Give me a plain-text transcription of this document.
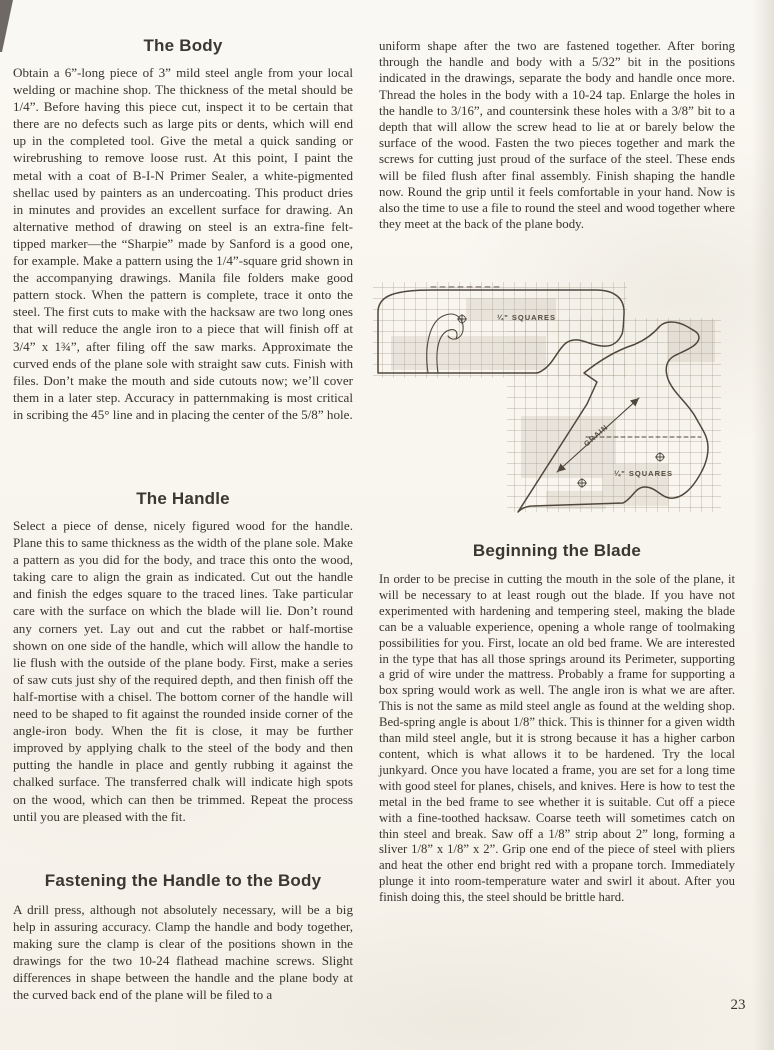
The Body

Obtain a 6”-long piece of 3” mild steel angle from your local welding or machine shop. The thickness of the metal should be 1/4”. Before having this piece cut, inspect it to be certain that there are no defects such as large pits or dents, which will end up in the completed tool. Give the metal a quick sanding or wirebrushing to remove loose rust. At this point, I paint the metal with a coat of B-I-N Primer Sealer, a white-pigmented shellac used by painters as an undercoating. This product dries in minutes and provides an excellent surface for drawing. An alternative method of drawing on steel is an extra-fine felt-tipped marker—the “Sharpie” made by Sanford is a good one, for example. Make a pattern using the 1/4”-square grid shown in the accompanying drawings. Manila file folders make good pattern stock. When the pattern is complete, trace it onto the steel. The first cuts to make with the hacksaw are two long ones that will reduce the angle iron to a piece that will finish off at 3/4” x 1¾”, after filing off the saw marks. Approximate the curved ends of the plane sole with straight saw cuts. Finish with files. Don’t make the mouth and side cutouts now; we’ll cover them in a later step. Accuracy in patternmaking is most critical in scribing the 45° line and in placing the center of the 5/8” hole.

The Handle

Select a piece of dense, nicely figured wood for the handle. Plane this to same thickness as the width of the plane sole. Make a pattern as you did for the body, and trace this onto the wood, taking care to align the grain as indicated. Cut out the handle and finish the edges square to the traced lines. Take particular care with the surface on which the blade will lie. Don’t round any corners yet. Lay out and cut the rabbet or half-mortise shown on one side of the handle, which will allow the handle to lie flush with the outside of the plane body. First, make a series of saw cuts just shy of the required depth, and then finish off the half-mortise with a chisel. The bottom corner of the handle will need to be shaped to fit against the rounded inside corner of the angle-iron body. When the fit is close, it may be further improved by applying chalk to the steel of the body and then putting the handle in place and gently rubbing it against the chalked surface. The transferred chalk will indicate high spots on the wood, which can then be trimmed. Repeat the process until you are pleased with the fit.

Fastening the Handle to the Body

A drill press, although not absolutely necessary, will be a big help in assuring accuracy. Clamp the handle and body together, making sure the clamp is clear of the positions shown in the drawings for the two 10-24 flathead machine screws. Slight differences in shape between the handle and the plane body at the curved back end of the plane will be filed to a

uniform shape after the two are fastened together. After boring through the handle and body with a 5/32” bit in the positions indicated in the drawings, separate the body and handle once more. Thread the holes in the body with a 10-24 tap. Enlarge the holes in the handle to 3/16”, and countersink these holes with a 3/8” bit to a depth that will allow the screw head to lie at or barely below the surface of the wood. Fasten the two pieces together and mark the screws for cutting just proud of the surface of the steel. These ends will be filed flush after final assembly. Finish shaping the handle now. Round the grip until it feels comfortable in your hand. Now is also the time to use a file to round the steel and wood together where they meet at the back of the plane body.

¼" SQUARES
GRAIN
¼" SQUARES
Beginning the Blade

In order to be precise in cutting the mouth in the sole of the plane, it will be necessary to at least rough out the blade. If you have not experimented with hardening and tempering steel, making the blade can be a valuable experience, opening a whole range of toolmaking possibilities for you. First, locate an old bed frame. We are interested in the type that has all those springs around its Perimeter, supporting a grid of wire under the mattress. Probably a frame for supporting a box spring would work as well. The angle iron is what we are after. This is not the same as mild steel angle as found at the welding shop. Bed-spring angle is about 1/8” thick. This is thinner for a given width than mild steel angle, but it is strong because it has a higher carbon content, which is what allows it to be hardened. Try the local junkyard. Once you have located a frame, you are set for a long time with good steel for planes, chisels, and knives. Here is how to test the metal in the bed frame to see whether it is suitable. Cut off a piece with a fine-toothed hacksaw. Coarse teeth will sometimes catch on thin steel and break. Saw off a 1/8” strip about 2” long, forming a sliver 1/8” x 1/8” x 2”. Grip one end of the piece of steel with pliers and heat the other end bright red with a propane torch. Immediately plunge it into room-temperature water and swirl it about. After you finish doing this, the steel should be brittle hard.

23
